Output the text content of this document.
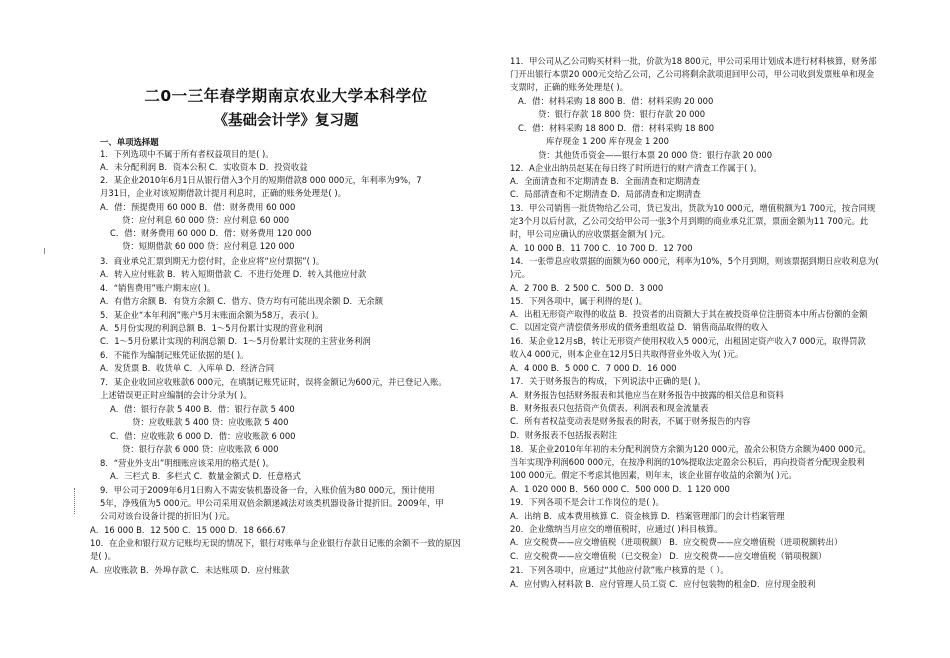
二0一三年春学期南京农业大学本科学位
《基础会计学》复习题
一、单项选择题
1．下列选项中不属于所有者权益项目的是( )。
A．未分配利润 B．资本公积 C．实收资本 D．投资收益
2．某企业2010年6月1日从银行借入3个月的短期借款8 000 000元，年利率为9%，7
月31日，企业对该短期借款计提月利息时，正确的账务处理是( )。
A．借：预提费用 60 000 B．借：财务费用 60 000
贷：应付利息 60 000 贷：应付利息 60 000
C．借：财务费用 60 000 D．借：财务费用 120 000
贷：短期借款 60 000 贷：应付利息 120 000
3．商业承兑汇票到期无力偿付时，企业应将“应付票据”( )。
A．转入应付账款 B．转入短期借款 C．不进行处理 D．转入其他应付款
4．“销售费用”账户期末应( )。
A．有借方余额 B．有贷方余额 C．借方、贷方均有可能出现余额 D．无余额
5．某企业“本年利润”账户5月末账面余额为58万，表示( )。
A．5月份实现的利润总额 B．1～5月份累计实现的营业利润
C．1～5月份累计实现的利润总额 D．1～5月份累计实现的主营业务利润
6．不能作为编制记账凭证依据的是( )。
A．发货票 B．收货单 C．入库单 D．经济合同
7．某企业收回应收账款6 000元，在填制记账凭证时，误将金额记为600元，并已登记入账。
上述错误更正时应编制的会计分录为( )。
A．借：银行存款 5 400 B．借：银行存款 5 400
贷：应收账款 5 400 贷：应收账款 5 400
C．借：应收账款 6 000 D．借：应收账款 6 000
贷：银行存款 6 000 贷：应收账款 6 000
8．“营业外支出”明细账应该采用的格式是( )。
A．三栏式 B．多栏式 C．数量金额式 D．任意格式
9．甲公司于2009年6月1日购入不需安装机器设备一台，入账价值为80 000元，预计使用
5年，净残值为5 000元。甲公司采用双倍余额递减法对该类机器设备计提折旧。2009年，甲
公司对该台设备计提的折旧为( )元。
A．16 000 B．12 500 C．15 000 D．18 666.67
10．在企业和银行双方记账均无误的情况下，银行对账单与企业银行存款日记账的余额不一致的原因
是( )。
A．应收账款 B．外埠存款 C．未达账项 D．应付账款
11．甲公司从乙公司购买材料一批，价款为18 800元，甲公司采用计划成本进行材料核算，财务部
门开出银行本票20 000元交给乙公司，乙公司将剩余款项退回甲公司，甲公司收到发票账单和现金
支票时，正确的账务处理是( )。
A．借：材料采购 18 800 B．借：材料采购 20 000
贷：银行存款 18 800 贷：银行存款 20 000
C．借：材料采购 18 800 D．借：材料采购 18 800
库存现金 1 200 库存现金 1 200
贷：其他货币资金——银行本票 20 000 贷：银行存款 20 000
12．A企业出纳员赵某在每日终了时所进行的财产清查工作属于( )。
A．全面清查和不定期清查 B．全面清查和定期清查
C．局部清查和不定期清查 D．局部清查和定期清查
13．甲公司销售一批货物给乙公司，货已发出，货款为10 000元，增值税额为1 700元，按合同规
定3个月以后付款，乙公司交给甲公司一张3个月到期的商业承兑汇票，票面金额为11 700元。此
时，甲公司应确认的应收票据金额为( )元。
A．10 000 B．11 700 C．10 700 D．12 700
14．一张带息应收票据的面额为60 000元，利率为10%，5个月到期，则该票据到期日应收利息为(
)元。
A．2 700 B．2 500 C．500 D．3 000
15．下列各项中，属于利得的是( )。
A．出租无形资产取得的收益 B．投资者的出资额大于其在被投资单位注册资本中所占份额的金额
C．以固定资产清偿债务形成的债务重组收益 D．销售商品取得的收入
16．某企业12月sB，转让无形资产使用权收入5 000元，出租固定资产收入7 000元，取得罚款
收入4 000元，则本企业在12月5日共取得营业外收入为( )元。
A．4 000 B．5 000 C．7 000 D．16 000
17．关于财务报告的构成，下列说法中正确的是( )。
A．财务报告包括财务报表和其他应当在财务报告中披露的相关信息和资料
B．财务报表只包括资产负债表、利润表和现金流量表
C．所有者权益变动表是财务报表的附表，不属于财务报告的内容
D．财务报表不包括报表附注
18．某企业2010年年初的未分配利润贷方余额为120 000元，盈余公积贷方余额为400 000元。
当年实现净利润600 000元，在按净利润的10%提取法定盈余公积后，再向投资者分配现金股利
100 000元。假定不考虑其他因素，则年末，该企业留存收益的余额为( )元。
A．1 020 000 B．560 000 C．500 000 D．1 120 000
19．下列各项不是会计工作岗位的是( )。
A．出纳 B．成本费用核算 C．资金核算 D．档案管理部门的会计档案管理
20．企业缴纳当月应交的增值税时，应通过( )科目核算。
A．应交税费——应交增值税（进项税额） B．应交税费——应交增值税（进项税额转出）
C．应交税费——应交增值税（已交税金） D．应交税费——应交增值税（销项税额）
21．下列各项中，应通过“其他应付款”账户核算的是（ ）。
A．应付购入材料款 B．应付管理人员工资 C．应付包装物的租金D．应付现金股利
